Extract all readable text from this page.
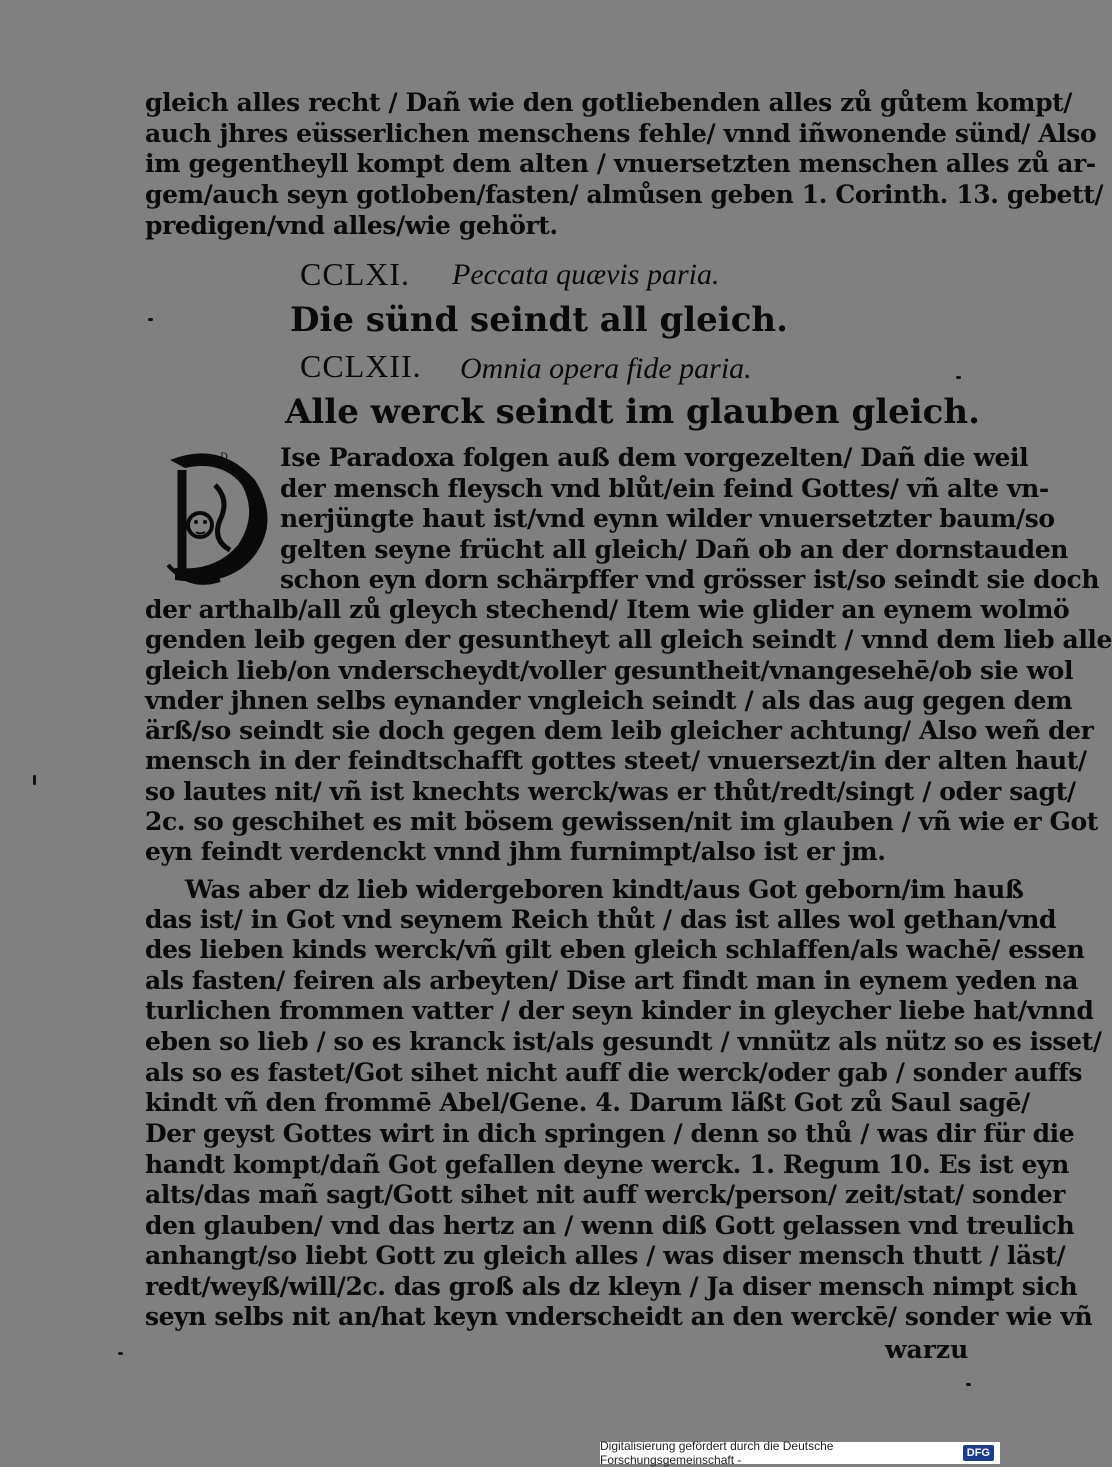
gleich alles recht / Dañ wie den gotliebenden alles zů gůtem kompt/
auch jhres eüsserlichen menschens fehle/ vnnd iñwonende sünd/ Also
im gegentheyll kompt dem alten / vnuersetzten menschen alles zů ar-
gem/auch seyn gotloben/fasten/ almůsen geben 1. Corinth. 13. gebett/
predigen/vnd alles/wie gehört.
CCLXI. Peccata quævis paria.
Die sünd seindt all gleich.
CCLXII. Omnia opera fide paria.
Alle werck seindt im glauben gleich.
D Ise Paradoxa folgen auß dem vorgezelten/ Dañ die weil
der mensch fleysch vnd blůt/ein feind Gottes/ vñ alte vn-
nerjüngte haut ist/vnd eynn wilder vnuersetzter baum/so
gelten seyne frücht all gleich/ Dañ ob an der dornstauden
schon eyn dorn schärpffer vnd grösser ist/so seindt sie doch
der arthalb/all zů gleych stechend/ Item wie glider an eynem wolmö
genden leib gegen der gesuntheyt all gleich seindt / vnnd dem lieb alle
gleich lieb/on vnderscheydt/voller gesuntheit/vnangesehē/ob sie wol
vnder jhnen selbs eynander vngleich seindt / als das aug gegen dem
ärß/so seindt sie doch gegen dem leib gleicher achtung/ Also weñ der
mensch in der feindtschafft gottes steet/ vnuersezt/in der alten haut/
so lautes nit/ vñ ist knechts werck/was er thůt/redt/singt / oder sagt/
2c. so geschihet es mit bösem gewissen/nit im glauben / vñ wie er Got
eyn feindt verdenckt vnnd jhm furnimpt/also ist er jm.
Was aber dz lieb widergeboren kindt/aus Got geborn/im hauß
das ist/ in Got vnd seynem Reich thůt / das ist alles wol gethan/vnd
des lieben kinds werck/vñ gilt eben gleich schlaffen/als wachē/ essen
als fasten/ feiren als arbeyten/ Dise art findt man in eynem yeden na
turlichen frommen vatter / der seyn kinder in gleycher liebe hat/vnnd
eben so lieb / so es kranck ist/als gesundt / vnnütz als nütz so es isset/
als so es fastet/Got sihet nicht auff die werck/oder gab / sonder auffs
kindt vñ den frommē Abel/Gene. 4. Darum läßt Got zů Saul sagē/
Der geyst Gottes wirt in dich springen / denn so thů / was dir für die
handt kompt/dañ Got gefallen deyne werck. 1. Regum 10. Es ist eyn
alts/das mañ sagt/Gott sihet nit auff werck/person/ zeit/stat/ sonder
den glauben/ vnd das hertz an / wenn diß Gott gelassen vnd treulich
anhangt/so liebt Gott zu gleich alles / was diser mensch thutt / läst/
redt/weyß/will/2c. das groß als dz kleyn / Ja diser mensch nimpt sich
seyn selbs nit an/hat keyn vnderscheidt an den werckē/ sonder wie vñ
warzu
Digitalisierung gefördert durch die Deutsche Forschungsgemeinschaft -	DFG
